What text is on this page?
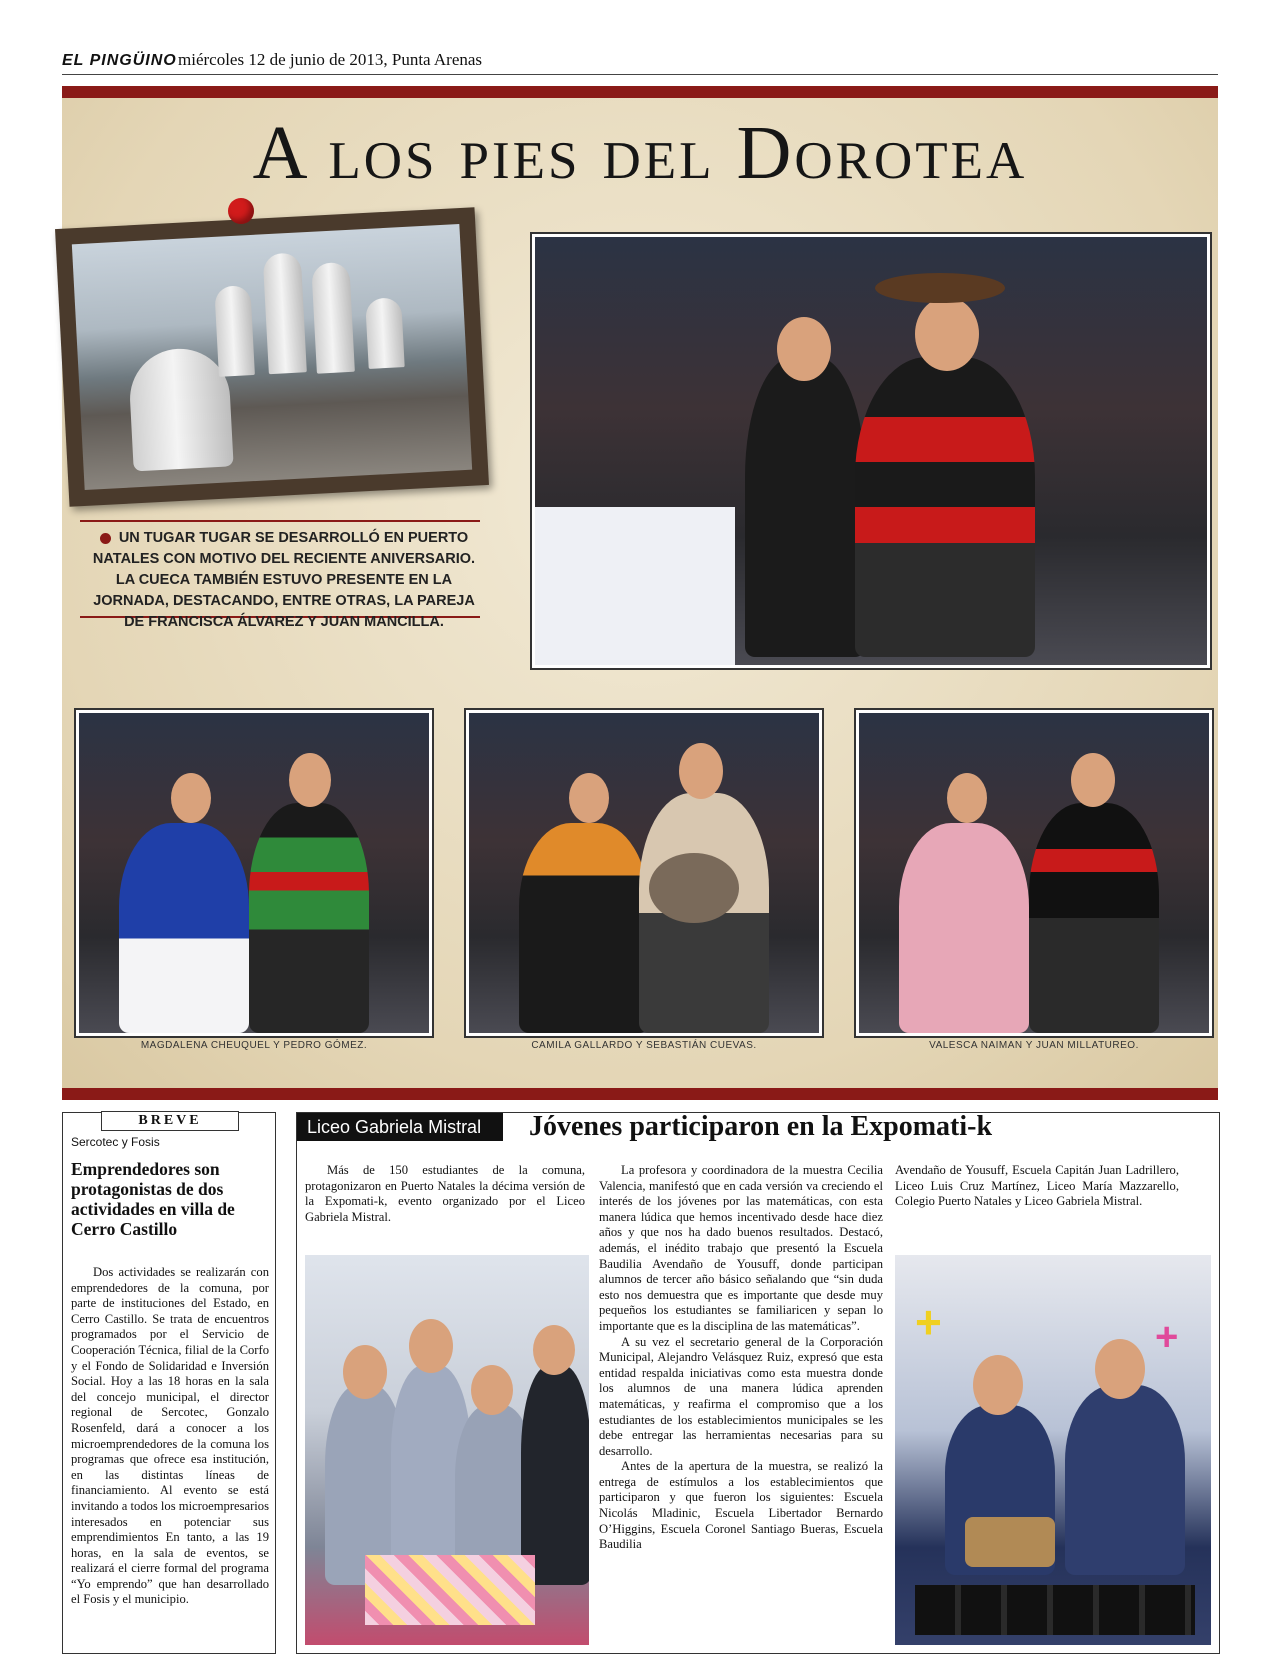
EL PINGÜINO miércoles 12 de junio de 2013, Punta Arenas
A los pies del Dorotea
UN TUGAR TUGAR SE DESARROLLÓ EN PUERTO NATALES CON MOTIVO DEL RECIENTE ANIVERSARIO. LA CUECA TAMBIÉN ESTUVO PRESENTE EN LA JORNADA, DESTACANDO, ENTRE OTRAS, LA PAREJA DE FRANCISCA ÁLVAREZ Y JUAN MANCILLA.
MAGDALENA CHEUQUEL Y PEDRO GÓMEZ.	CAMILA GALLARDO Y SEBASTIÁN CUEVAS.	VALESCA NAIMAN Y JUAN MILLATUREO.
BREVE
Sercotec y Fosis
Emprendedores son protagonistas de dos actividades en villa de Cerro Castillo
Dos actividades se realizarán con emprendedores de la comuna, por parte de instituciones del Estado, en Cerro Castillo. Se trata de encuentros programados por el Servicio de Cooperación Técnica, filial de la Corfo y el Fondo de Solidaridad e Inversión Social. Hoy a las 18 horas en la sala del concejo municipal, el director regional de Sercotec, Gonzalo Rosenfeld, dará a conocer a los microemprendedores de la comuna los programas que ofrece esa institución, en las distintas líneas de financiamiento. Al evento se está invitando a todos los microempresarios interesados en potenciar sus emprendimientos En tanto, a las 19 horas, en la sala de eventos, se realizará el cierre formal del programa “Yo emprendo” que han desarrollado el Fosis y el municipio.
Liceo Gabriela Mistral	Jóvenes participaron en la Expomati-k
Más de 150 estudiantes de la comuna, protagonizaron en Puerto Natales la décima versión de la Expomati-k, evento organizado por el Liceo Gabriela Mistral.
La profesora y coordinadora de la muestra Cecilia Valencia, manifestó que en cada versión va creciendo el interés de los jóvenes por las matemáticas, con esta manera lúdica que hemos incentivado desde hace diez años y que nos ha dado buenos resultados. Destacó, además, el inédito trabajo que presentó la Escuela Baudilia Avendaño de Yousuff, donde participan alumnos de tercer año básico señalando que “sin duda esto nos demuestra que es importante que desde muy pequeños los estudiantes se familiaricen y sepan lo importante que es la disciplina de las matemáticas”.
A su vez el secretario general de la Corporación Municipal, Alejandro Velásquez Ruiz, expresó que esta entidad respalda iniciativas como esta muestra donde los alumnos de una manera lúdica aprenden matemáticas, y reafirma el compromiso que a los estudiantes de los establecimientos municipales se les debe entregar las herramientas necesarias para su desarrollo.
Antes de la apertura de la muestra, se realizó la entrega de estímulos a los establecimientos que participaron y que fueron los siguientes: Escuela Nicolás Mladinic, Escuela Libertador Bernardo O’Higgins, Escuela Coronel Santiago Bueras, Escuela Baudilia
Avendaño de Yousuff, Escuela Capitán Juan Ladrillero, Liceo Luis Cruz Martínez, Liceo María Mazzarello, Colegio Puerto Natales y Liceo Gabriela Mistral.
+	+
